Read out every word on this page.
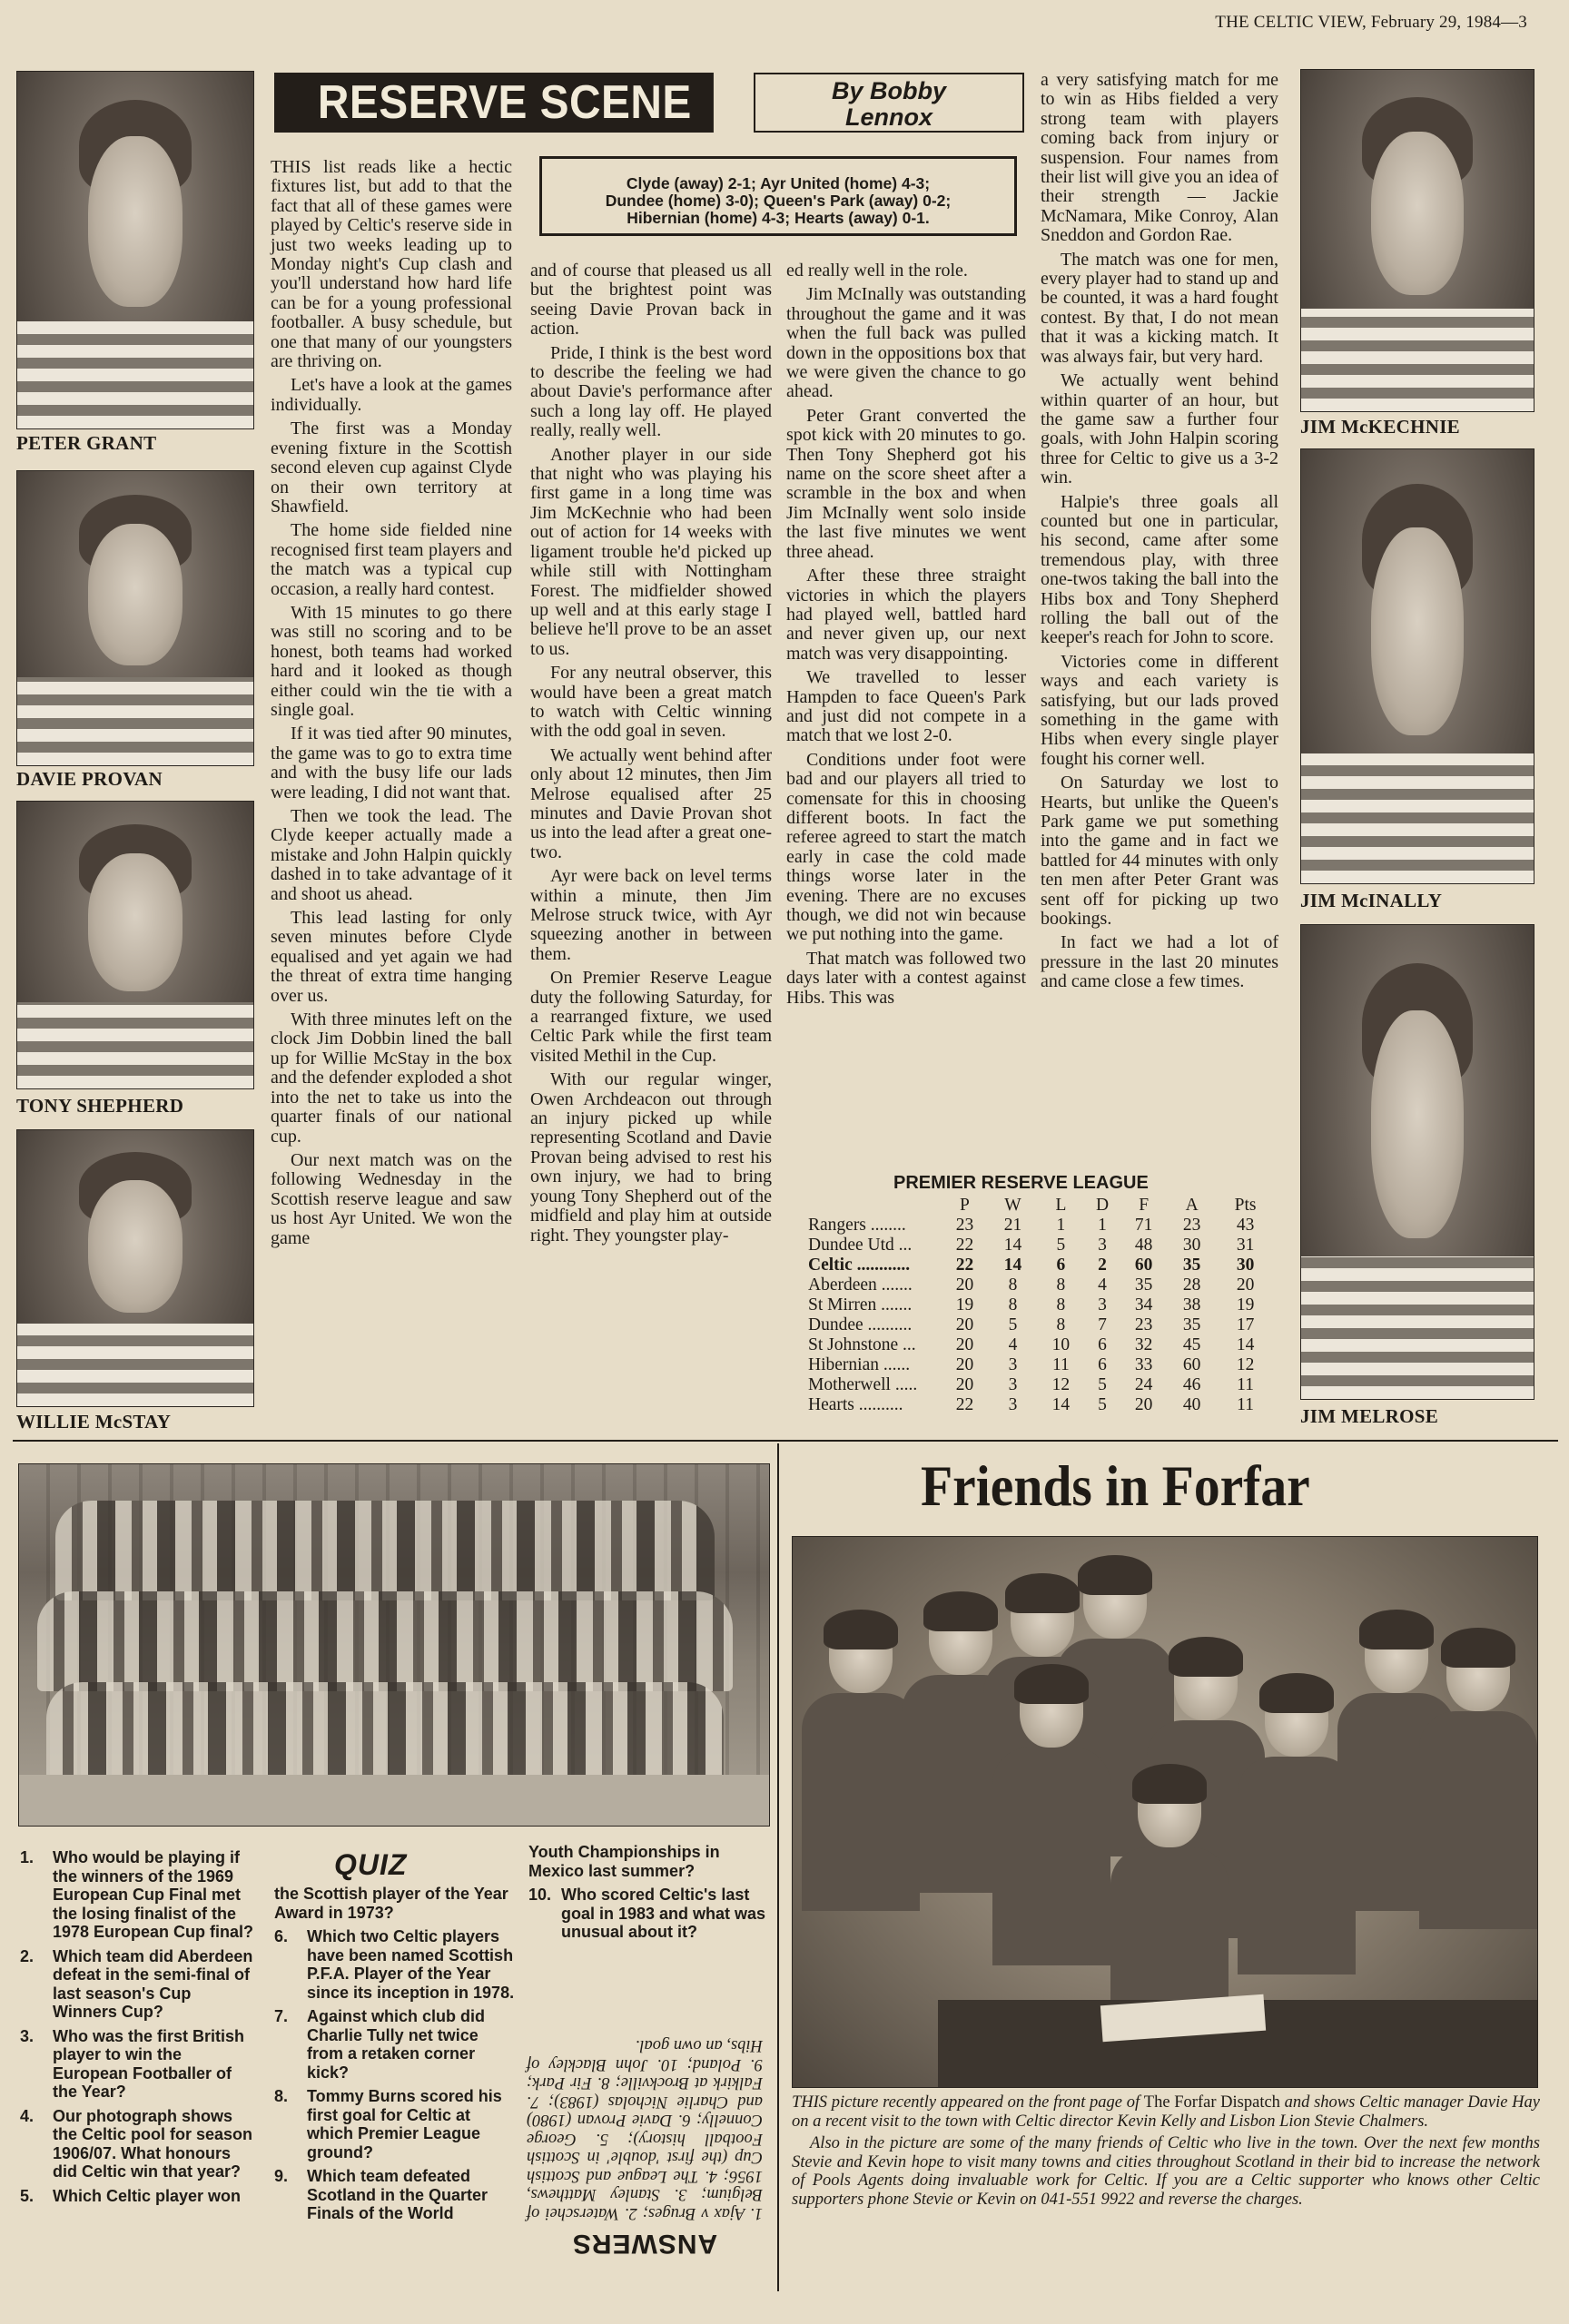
THE CELTIC VIEW, February 29, 1984—3
PETER GRANT
DAVIE PROVAN
TONY SHEPHERD
WILLIE McSTAY
RESERVE SCENE	By Bobby
Lennox
Clyde (away) 2-1; Ayr United (home) 4-3;
Dundee (home) 3-0); Queen's Park (away) 0-2;
Hibernian (home) 4-3; Hearts (away) 0-1.

THIS list reads like a hectic fixtures list, but add to that the fact that all of these games were played by Celtic's reserve side in just two weeks leading up to Monday night's Cup clash and you'll understand how hard life can be for a young professional footballer. A busy schedule, but one that many of our youngsters are thriving on.

Let's have a look at the games individually.

The first was a Monday evening fixture in the Scottish second eleven cup against Clyde on their own territory at Shawfield.

The home side fielded nine recognised first team players and the match was a typical cup occasion, a really hard contest.

With 15 minutes to go there was still no scoring and to be honest, both teams had worked hard and it looked as though either could win the tie with a single goal.

If it was tied after 90 minutes, the game was to go to extra time and with the busy life our lads were leading, I did not want that.

Then we took the lead. The Clyde keeper actually made a mistake and John Halpin quickly dashed in to take advantage of it and shoot us ahead.

This lead lasting for only seven minutes before Clyde equalised and yet again we had the threat of extra time hanging over us.

With three minutes left on the clock Jim Dobbin lined the ball up for Willie McStay in the box and the defender exploded a shot into the net to take us into the quarter finals of our national cup.

Our next match was on the following Wednesday in the Scottish reserve league and saw us host Ayr United. We won the game

and of course that pleased us all but the brightest point was seeing Davie Provan back in action.

Pride, I think is the best word to describe the feeling we had about Davie's performance after such a long lay off. He played really, really well.

Another player in our side that night who was playing his first game in a long time was Jim McKechnie who had been out of action for 14 weeks with ligament trouble he'd picked up while still with Nottingham Forest. The midfielder showed up well and at this early stage I believe he'll prove to be an asset to us.

For any neutral observer, this would have been a great match to watch with Celtic winning with the odd goal in seven.

We actually went behind after only about 12 minutes, then Jim Melrose equalised after 25 minutes and Davie Provan shot us into the lead after a great one-two.

Ayr were back on level terms within a minute, then Jim Melrose struck twice, with Ayr squeezing another in between them.

On Premier Reserve League duty the following Saturday, for a rearranged fixture, we used Celtic Park while the first team visited Methil in the Cup.

With our regular winger, Owen Archdeacon out through an injury picked up while representing Scotland and Davie Provan being advised to rest his own injury, we had to bring young Tony Shepherd out of the midfield and play him at outside right. They youngster play-

ed really well in the role.

Jim McInally was outstanding throughout the game and it was when the full back was pulled down in the oppositions box that we were given the chance to go ahead.

Peter Grant converted the spot kick with 20 minutes to go. Then Tony Shepherd got his name on the score sheet after a scramble in the box and when Jim McInally went solo inside the last five minutes we went three ahead.

After these three straight victories in which the players had played well, battled hard and never given up, our next match was very disappointing.

We travelled to lesser Hampden to face Queen's Park and just did not compete in a match that we lost 2-0.

Conditions under foot were bad and our players all tried to comensate for this in choosing different boots. In fact the referee agreed to start the match early in case the cold made things worse later in the evening. There are no excuses though, we did not win because we put nothing into the game.

That match was followed two days later with a contest against Hibs. This was

a very satisfying match for me to win as Hibs fielded a very strong team with players coming back from injury or suspension. Four names from their list will give you an idea of their strength — Jackie McNamara, Mike Conroy, Alan Sneddon and Gordon Rae.

The match was one for men, every player had to stand up and be counted, it was a hard fought contest. By that, I do not mean that it was a kicking match. It was always fair, but very hard.

We actually went behind within quarter of an hour, but the game saw a further four goals, with John Halpin scoring three for Celtic to give us a 3-2 win.

Halpie's three goals all counted but one in particular, his second, came after some tremendous play, with three one-twos taking the ball into the Hibs box and Tony Shepherd rolling the ball out of the keeper's reach for John to score.

Victories come in different ways and each variety is satisfying, but our lads proved something in the game with Hibs when every single player fought his corner well.

On Saturday we lost to Hearts, but unlike the Queen's Park game we put something into the game and in fact we battled for 44 minutes with only ten men after Peter Grant was sent off for picking up two bookings.

In fact we had a lot of pressure in the last 20 minutes and came close a few times.

PREMIER RESERVE LEAGUE
	P	W	L	D	F	A	Pts
Rangers ........	23	21	1	1	71	23	43
Dundee Utd ...	22	14	5	3	48	30	31
Celtic ............	22	14	6	2	60	35	30
Aberdeen .......	20	8	8	4	35	28	20
St Mirren .......	19	8	8	3	34	38	19
Dundee ..........	20	5	8	7	23	35	17
St Johnstone ...	20	4	10	6	32	45	14
Hibernian ......	20	3	11	6	33	60	12
Motherwell .....	20	3	12	5	24	46	11
Hearts ..........	22	3	14	5	20	40	11
JIM McKECHNIE
JIM McINALLY
JIM MELROSE
QUIZ
1. Who would be playing if the winners of the 1969 European Cup Final met the losing finalist of the 1978 European Cup final?
2. Which team did Aberdeen defeat in the semi-final of last season's Cup Winners Cup?
3. Who was the first British player to win the European Footballer of the Year?
4. Our photograph shows the Celtic pool for season 1906/07. What honours did Celtic win that year?
5. Which Celtic player won
the Scottish player of the Year Award in 1973?
6. Which two Celtic players have been named Scottish P.F.A. Player of the Year since its inception in 1978.
7. Against which club did Charlie Tully net twice from a retaken corner kick?
8. Tommy Burns scored his first goal for Celtic at which Premier League ground?
9. Which team defeated Scotland in the Quarter Finals of the World
Youth Championships in Mexico last summer?
10. Who scored Celtic's last goal in 1983 and what was unusual about it?
ANSWERS
1. Ajax v Bruges; 2. Waterschei of Belgium; 3. Stanley Matthews, 1956; 4. The League and Scottish Cup (the first 'double' in Scottish Football history); 5. George Connelly; 6. Davie Provan (1980) and Charlie Nicholas (1983); 7. Falkirk at Brockville; 8. Fir Park; 9. Poland; 10. John Blackley of Hibs, an own goal.
Friends in Forfar

THIS picture recently appeared on the front page of The Forfar Dispatch and shows Celtic manager Davie Hay on a recent visit to the town with Celtic director Kevin Kelly and Lisbon Lion Stevie Chalmers.

Also in the picture are some of the many friends of Celtic who live in the town. Over the next few months Stevie and Kevin hope to visit many towns and cities throughout Scotland in their bid to increase the network of Pools Agents doing invaluable work for Celtic. If you are a Celtic supporter who knows other Celtic supporters phone Stevie or Kevin on 041-551 9922 and reverse the charges.
